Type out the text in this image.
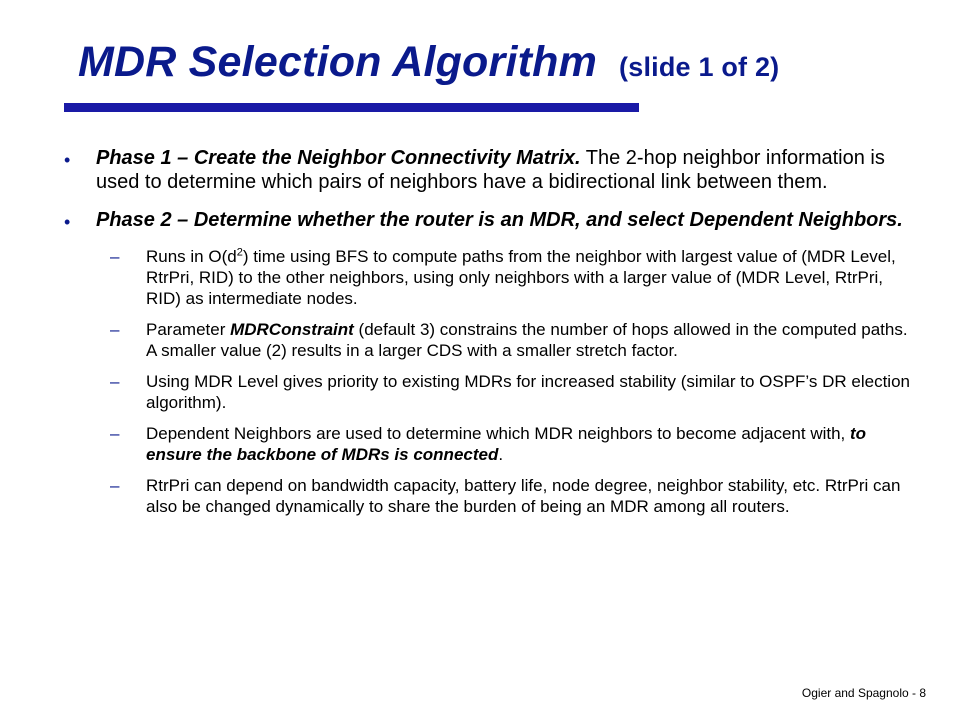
MDR Selection Algorithm (slide 1 of 2)
• Phase 1 – Create the Neighbor Connectivity Matrix. The 2-hop neighbor information is used to determine which pairs of neighbors have a bidirectional link between them.
• Phase 2 – Determine whether the router is an MDR, and select Dependent Neighbors.
– Runs in $O(d^2)$ time using BFS to compute paths from the neighbor with largest value of (MDR Level, RtrPri, RID) to the other neighbors, using only neighbors with a larger value of (MDR Level, RtrPri, RID) as intermediate nodes.
– Parameter MDRConstraint (default 3) constrains the number of hops allowed in the computed paths. A smaller value (2) results in a larger CDS with a smaller stretch factor.
– Using MDR Level gives priority to existing MDRs for increased stability (similar to OSPF’s DR election algorithm).
– Dependent Neighbors are used to determine which MDR neighbors to become adjacent with, to ensure the backbone of MDRs is connected.
– RtrPri can depend on bandwidth capacity, battery life, node degree, neighbor stability, etc. RtrPri can also be changed dynamically to share the burden of being an MDR among all routers.
Ogier and Spagnolo - 8
